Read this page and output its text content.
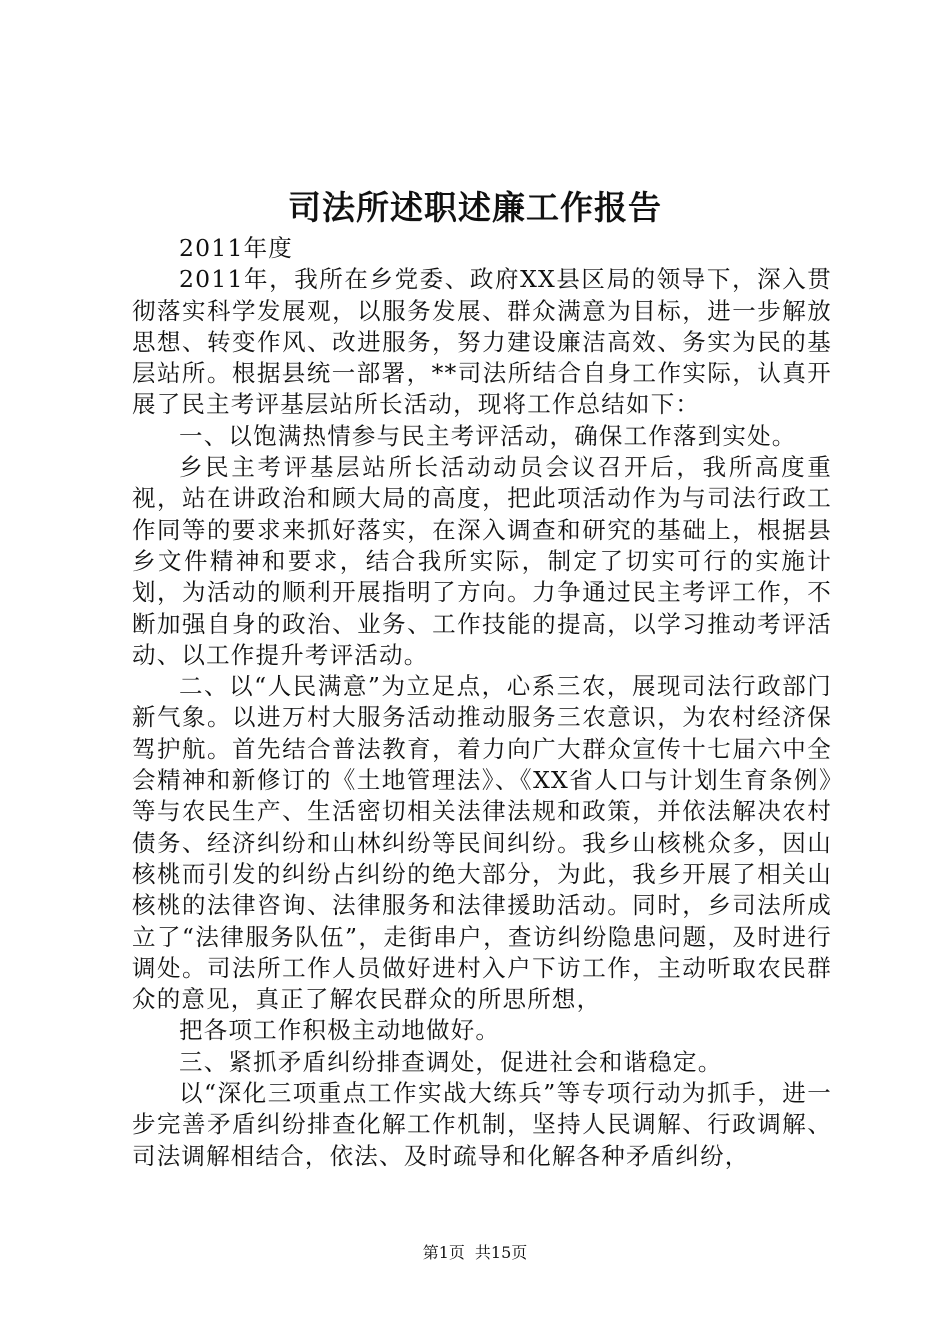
司法所述职述廉工作报告

2011年度

2011年，我所在乡党委、政府XX县区局的领导下，深入贯彻落实科学发展观，以服务发展、群众满意为目标，进一步解放思想、转变作风、改进服务，努力建设廉洁高效、务实为民的基层站所。根据县统一部署，**司法所结合自身工作实际，认真开展了民主考评基层站所长活动，现将工作总结如下：

一、以饱满热情参与民主考评活动，确保工作落到实处。

乡民主考评基层站所长活动动员会议召开后，我所高度重视，站在讲政治和顾大局的高度，把此项活动作为与司法行政工作同等的要求来抓好落实，在深入调查和研究的基础上，根据县乡文件精神和要求，结合我所实际，制定了切实可行的实施计划，为活动的顺利开展指明了方向。力争通过民主考评工作，不断加强自身的政治、业务、工作技能的提高，以学习推动考评活动、以工作提升考评活动。

二、以“人民满意”为立足点，心系三农，展现司法行政部门新气象。以进万村大服务活动推动服务三农意识，为农村经济保驾护航。首先结合普法教育，着力向广大群众宣传十七届六中全会精神和新修订的《土地管理法》、《XX省人口与计划生育条例》等与农民生产、生活密切相关法律法规和政策，并依法解决农村债务、经济纠纷和山林纠纷等民间纠纷。我乡山核桃众多，因山核桃而引发的纠纷占纠纷的绝大部分，为此，我乡开展了相关山核桃的法律咨询、法律服务和法律援助活动。同时，乡司法所成立了“法律服务队伍”，走街串户，查访纠纷隐患问题，及时进行调处。司法所工作人员做好进村入户下访工作，主动听取农民群众的意见，真正了解农民群众的所思所想，

把各项工作积极主动地做好。

三、紧抓矛盾纠纷排查调处，促进社会和谐稳定。

以“深化三项重点工作实战大练兵”等专项行动为抓手，进一步完善矛盾纠纷排查化解工作机制，坚持人民调解、行政调解、司法调解相结合，依法、及时疏导和化解各种矛盾纠纷，

第1页 共15页
